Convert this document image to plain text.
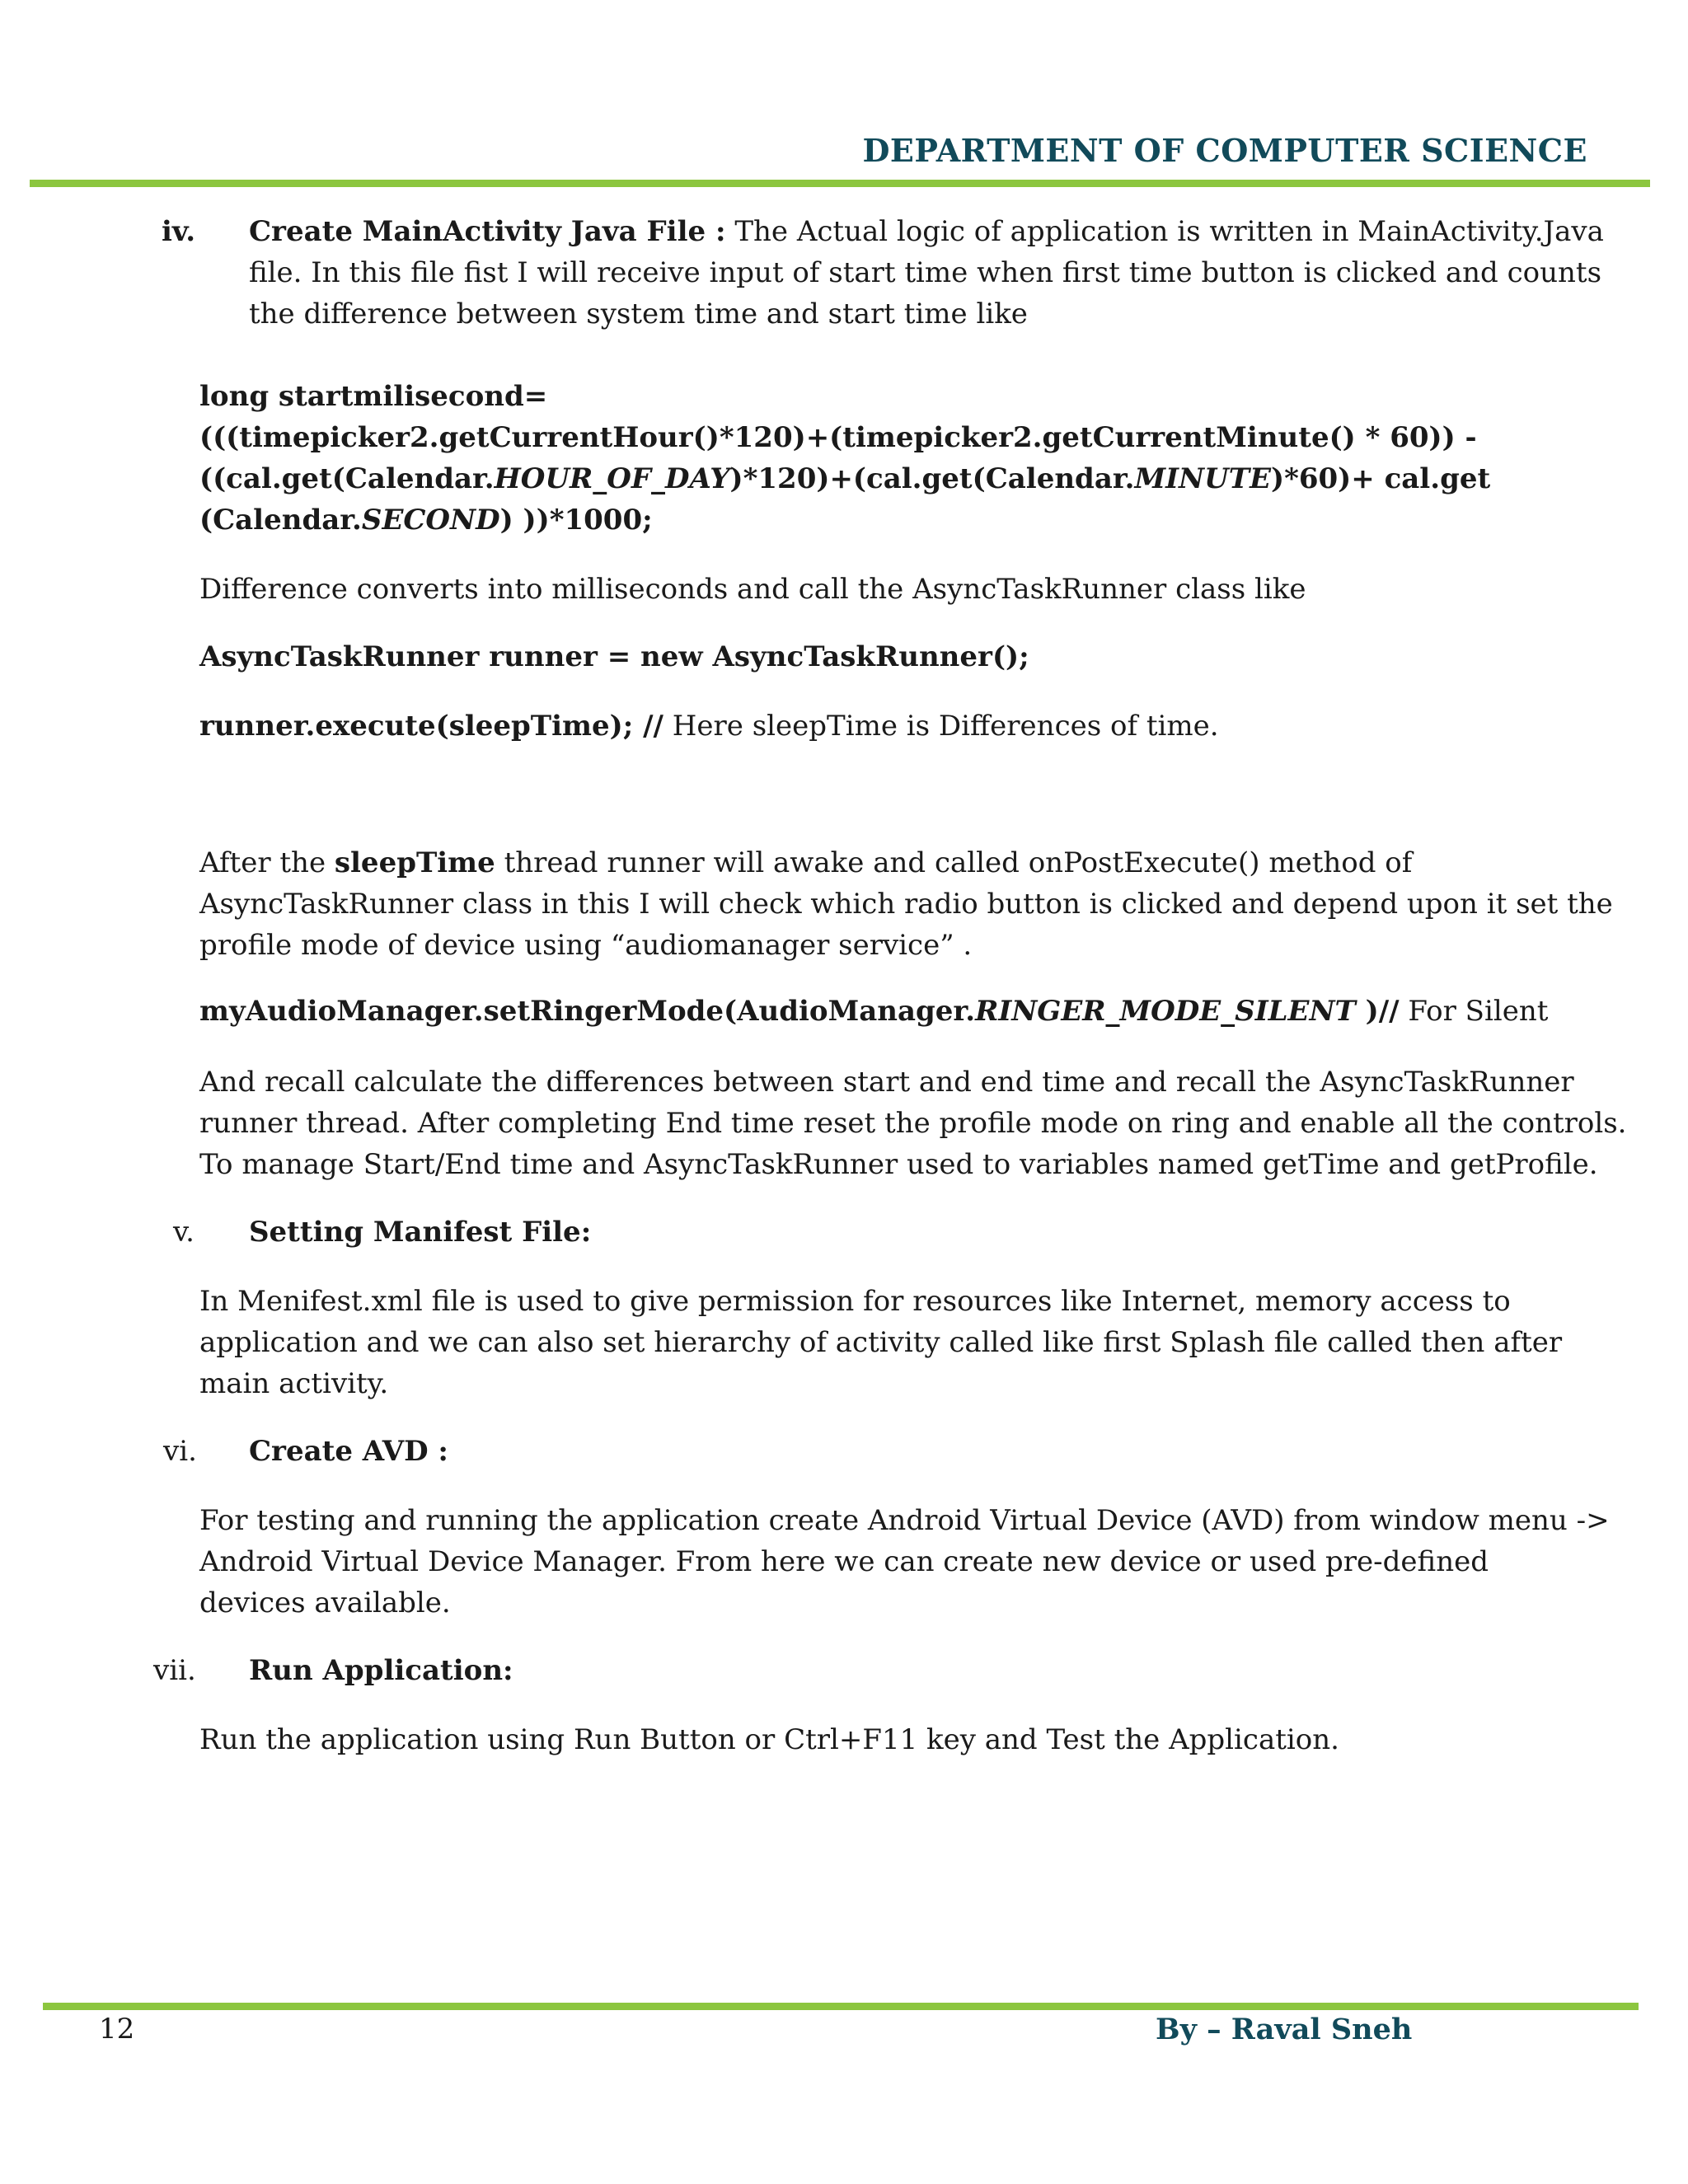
DEPARTMENT OF COMPUTER SCIENCE
iv. Create MainActivity Java File : The Actual logic of application is written in MainActivity.Java
file. In this file fist I will receive input of start time when first time button is clicked and counts
the difference between system time and start time like
long startmilisecond=
(((timepicker2.getCurrentHour()*120)+(timepicker2.getCurrentMinute() * 60)) -
((cal.get(Calendar.HOUR_OF_DAY)*120)+(cal.get(Calendar.MINUTE)*60)+ cal.get
(Calendar.SECOND) ))*1000;
Difference converts into milliseconds and call the AsyncTaskRunner class like
AsyncTaskRunner runner = new AsyncTaskRunner();
runner.execute(sleepTime); // Here sleepTime is Differences of time.
After the sleepTime thread runner will awake and called onPostExecute() method of
AsyncTaskRunner class in this I will check which radio button is clicked and depend upon it set the
profile mode of device using “audiomanager service” .
myAudioManager.setRingerMode(AudioManager.RINGER_MODE_SILENT )// For Silent
And recall calculate the differences between start and end time and recall the AsyncTaskRunner
runner thread. After completing End time reset the profile mode on ring and enable all the controls.
To manage Start/End time and AsyncTaskRunner used to variables named getTime and getProfile.
v. Setting Manifest File:
In Menifest.xml file is used to give permission for resources like Internet, memory access to
application and we can also set hierarchy of activity called like first Splash file called then after
main activity.
vi. Create AVD :
For testing and running the application create Android Virtual Device (AVD) from window menu ->
Android Virtual Device Manager. From here we can create new device or used pre-defined
devices available.
vii. Run Application:
Run the application using Run Button or Ctrl+F11 key and Test the Application.
12	By – Raval Sneh
